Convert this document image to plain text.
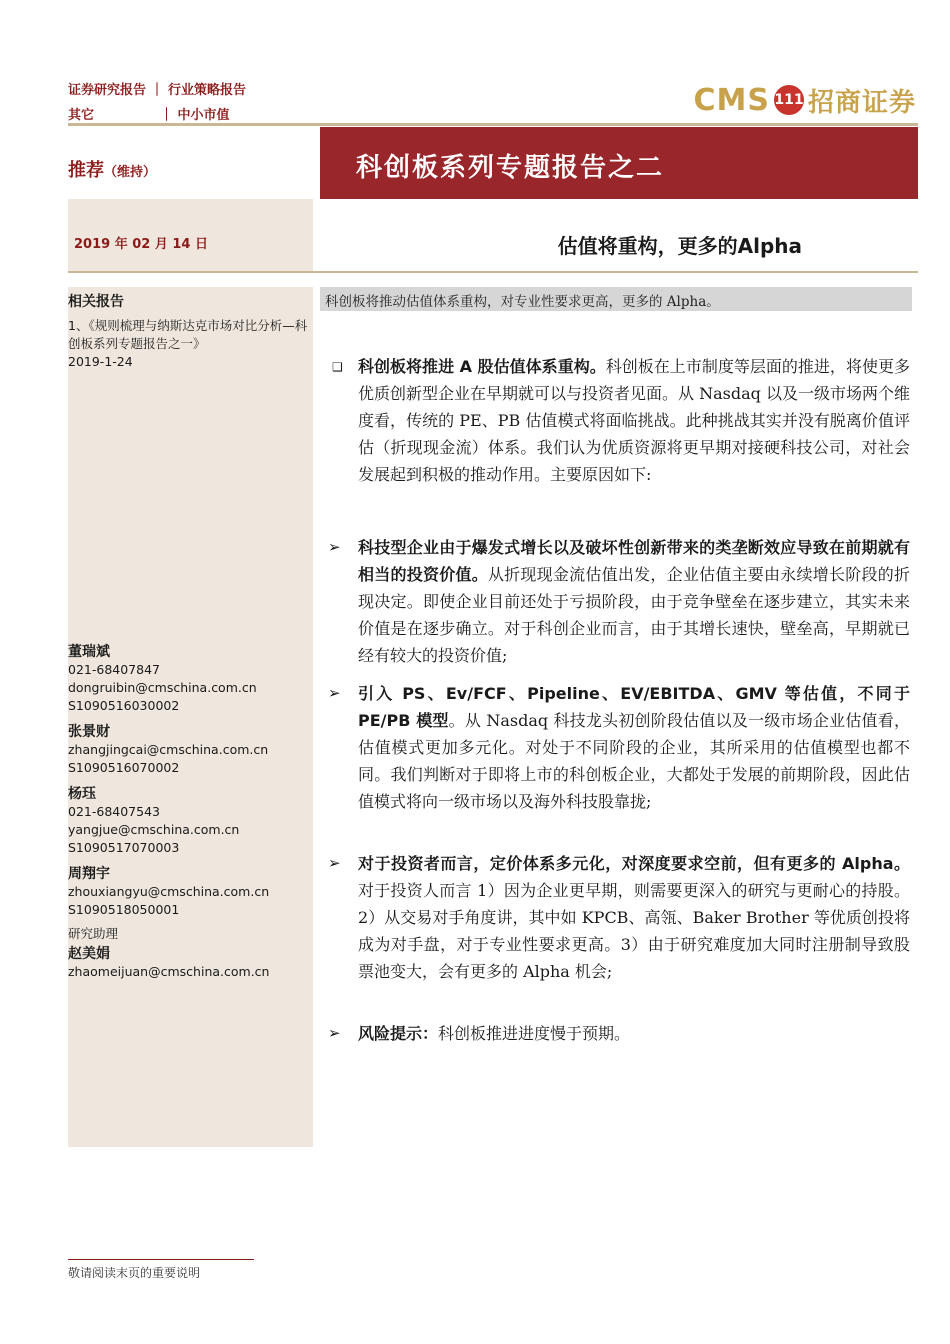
证券研究报告 ｜ 行业策略报告
其它	｜ 中小市值	CMS 111 招商证券
科创板系列专题报告之二
推荐（维持）
2019 年 02 月 14 日	估值将重构，更多的Alpha
相关报告
1、《规则梳理与纳斯达克市场对比分析—科创板系列专题报告之一》
2019-1-24
董瑞斌
021-68407847
dongruibin@cmschina.com.cn
S1090516030002
张景财
zhangjingcai@cmschina.com.cn
S1090516070002
杨珏
021-68407543
yangjue@cmschina.com.cn
S1090517070003
周翔宇
zhouxiangyu@cmschina.com.cn
S1090518050001
研究助理
赵美娟
zhaomeijuan@cmschina.com.cn
科创板将推动估值体系重构，对专业性要求更高，更多的 Alpha。
❑ 科创板将推进 A 股估值体系重构。科创板在上市制度等层面的推进，将使更多优质创新型企业在早期就可以与投资者见面。从 Nasdaq 以及一级市场两个维度看，传统的 PE、PB 估值模式将面临挑战。此种挑战其实并没有脱离价值评估（折现现金流）体系。我们认为优质资源将更早期对接硬科技公司，对社会发展起到积极的推动作用。主要原因如下:
➢ 科技型企业由于爆发式增长以及破坏性创新带来的类垄断效应导致在前期就有相当的投资价值。从折现现金流估值出发，企业估值主要由永续增长阶段的折现决定。即使企业目前还处于亏损阶段，由于竞争壁垒在逐步建立，其实未来价值是在逐步确立。对于科创企业而言，由于其增长速快，壁垒高，早期就已经有较大的投资价值;
➢ 引入 PS、Ev/FCF、Pipeline、EV/EBITDA、GMV 等估值，不同于 PE/PB 模型。从 Nasdaq 科技龙头初创阶段估值以及一级市场企业估值看，估值模式更加多元化。对处于不同阶段的企业，其所采用的估值模型也都不同。我们判断对于即将上市的科创板企业，大都处于发展的前期阶段，因此估值模式将向一级市场以及海外科技股靠拢;
➢ 对于投资者而言，定价体系多元化，对深度要求空前，但有更多的 Alpha。对于投资人而言 1）因为企业更早期，则需要更深入的研究与更耐心的持股。2）从交易对手角度讲，其中如 KPCB、高瓴、Baker Brother 等优质创投将成为对手盘，对于专业性要求更高。3）由于研究难度加大同时注册制导致股票池变大，会有更多的 Alpha 机会;
➢ 风险提示：科创板推进进度慢于预期。
敬请阅读末页的重要说明
